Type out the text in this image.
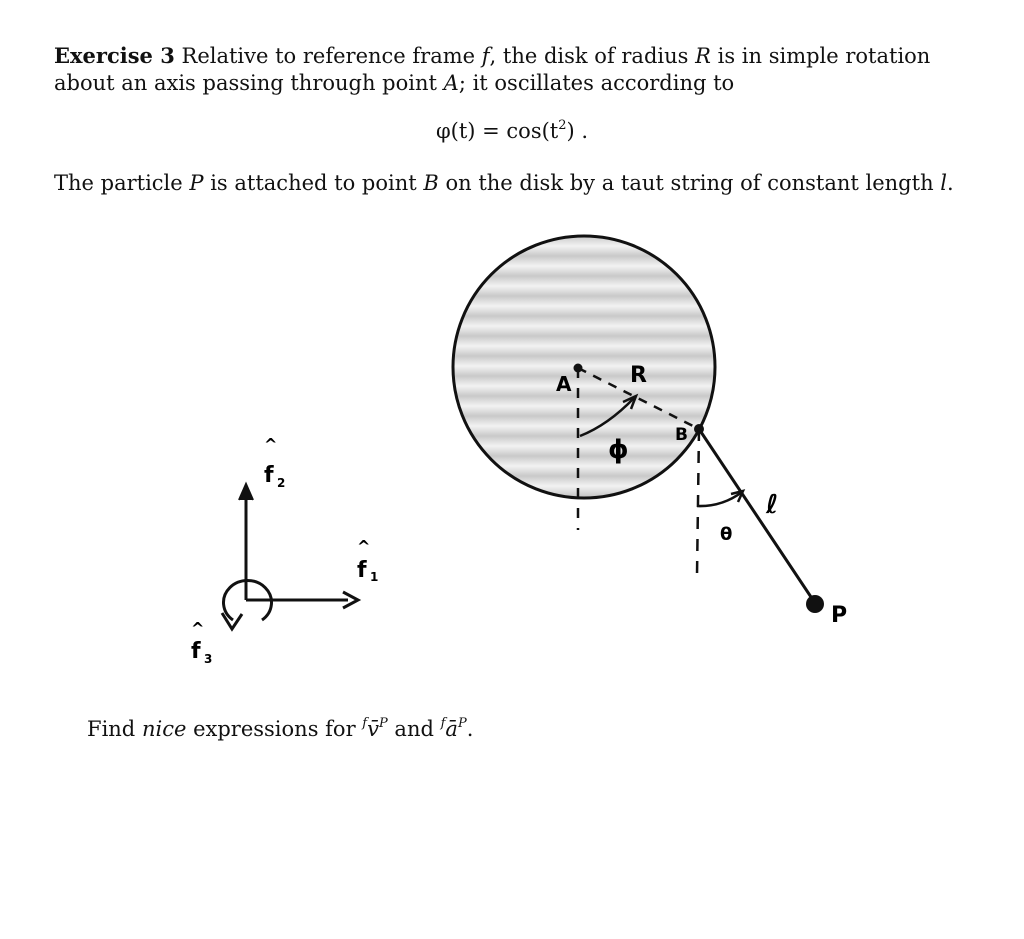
Exercise 3 Relative to reference frame f, the disk of radius R is in simple rotation about an axis passing through point A; it oscillates according to
$\varphi(t) = \cos(t^2)$ .
The particle P is attached to point B on the disk by a taut string of constant length l.
A	R
ϕ	B
ℓ
θ
P
^
f 2
^
f 1
^
f 3
Find nice expressions for $^f$v̄$^P$ and $^fā^P$.
